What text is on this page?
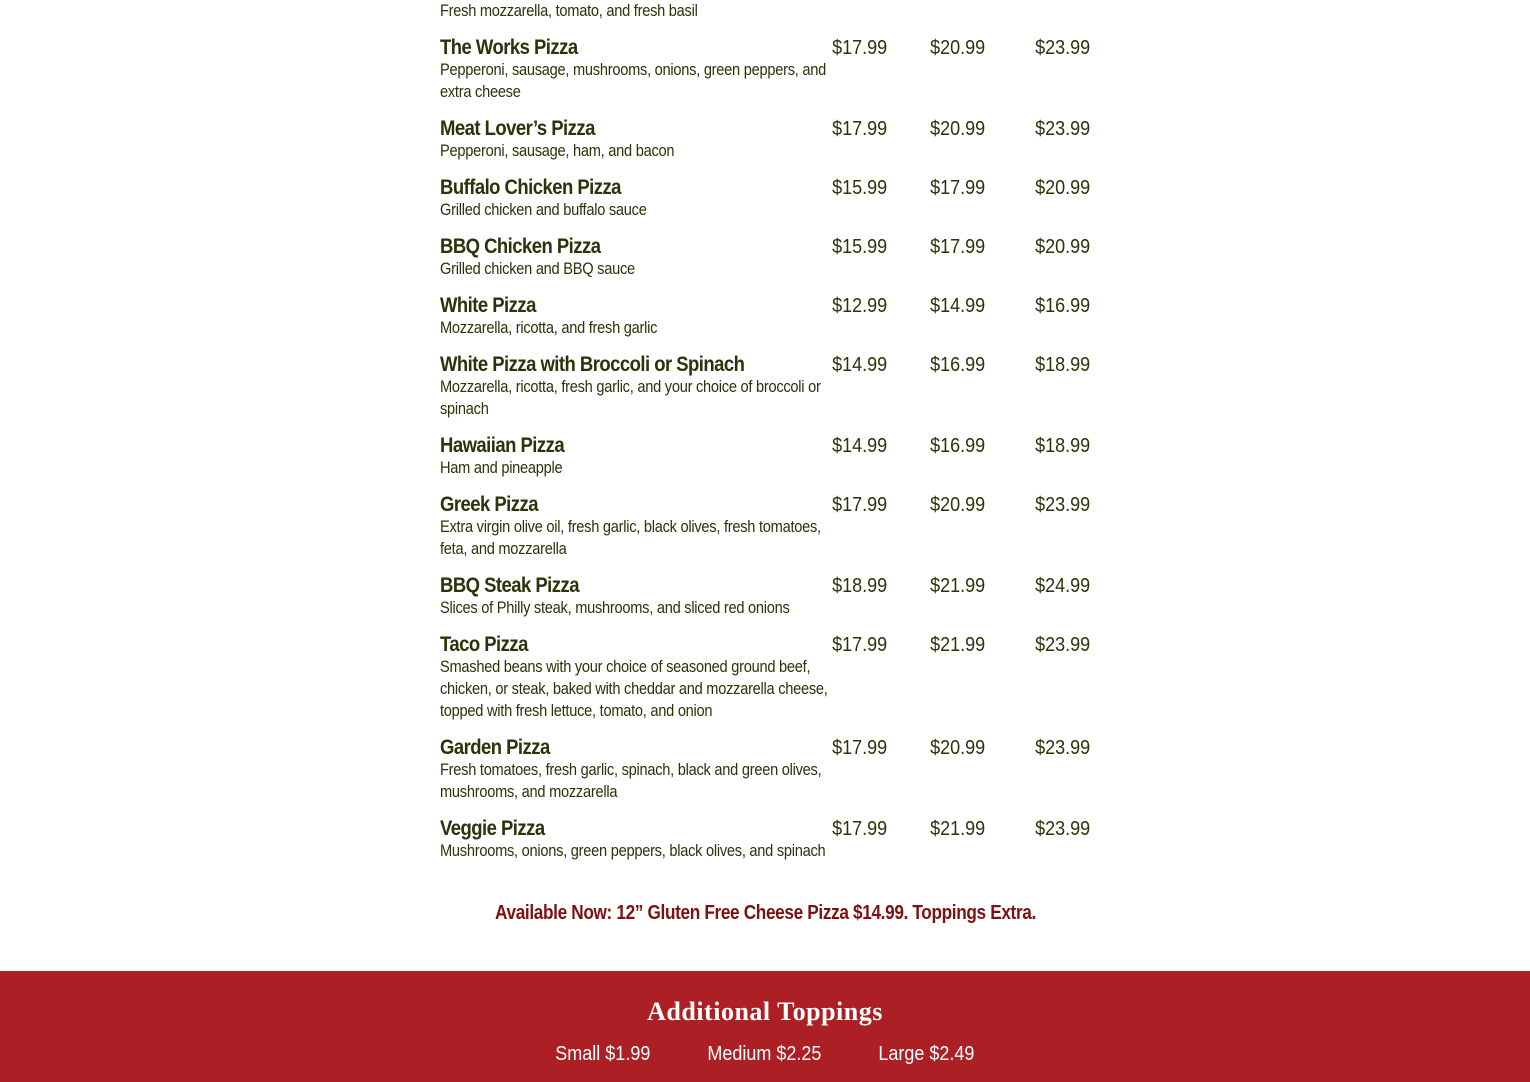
Fresh mozzarella, tomato, and fresh basil
The Works Pizza	$17.99 $20.99 $23.99
Pepperoni, sausage, mushrooms, onions, green peppers, and extra cheese
Meat Lover’s Pizza	$17.99 $20.99 $23.99
Pepperoni, sausage, ham, and bacon
Buffalo Chicken Pizza	$15.99 $17.99 $20.99
Grilled chicken and buffalo sauce
BBQ Chicken Pizza	$15.99 $17.99 $20.99
Grilled chicken and BBQ sauce
White Pizza	$12.99 $14.99 $16.99
Mozzarella, ricotta, and fresh garlic
White Pizza with Broccoli or Spinach	$14.99 $16.99 $18.99
Mozzarella, ricotta, fresh garlic, and your choice of broccoli or spinach
Hawaiian Pizza	$14.99 $16.99 $18.99
Ham and pineapple
Greek Pizza	$17.99 $20.99 $23.99
Extra virgin olive oil, fresh garlic, black olives, fresh tomatoes, feta, and mozzarella
BBQ Steak Pizza	$18.99 $21.99 $24.99
Slices of Philly steak, mushrooms, and sliced red onions
Taco Pizza	$17.99 $21.99 $23.99
Smashed beans with your choice of seasoned ground beef, chicken, or steak, baked with cheddar and mozzarella cheese, topped with fresh lettuce, tomato, and onion
Garden Pizza	$17.99 $20.99 $23.99
Fresh tomatoes, fresh garlic, spinach, black and green olives, mushrooms, and mozzarella
Veggie Pizza	$17.99 $21.99 $23.99
Mushrooms, onions, green peppers, black olives, and spinach
Available Now: 12” Gluten Free Cheese Pizza $14.99. Toppings Extra.
Additional Toppings
Small $1.99	Medium $2.25	Large $2.49
